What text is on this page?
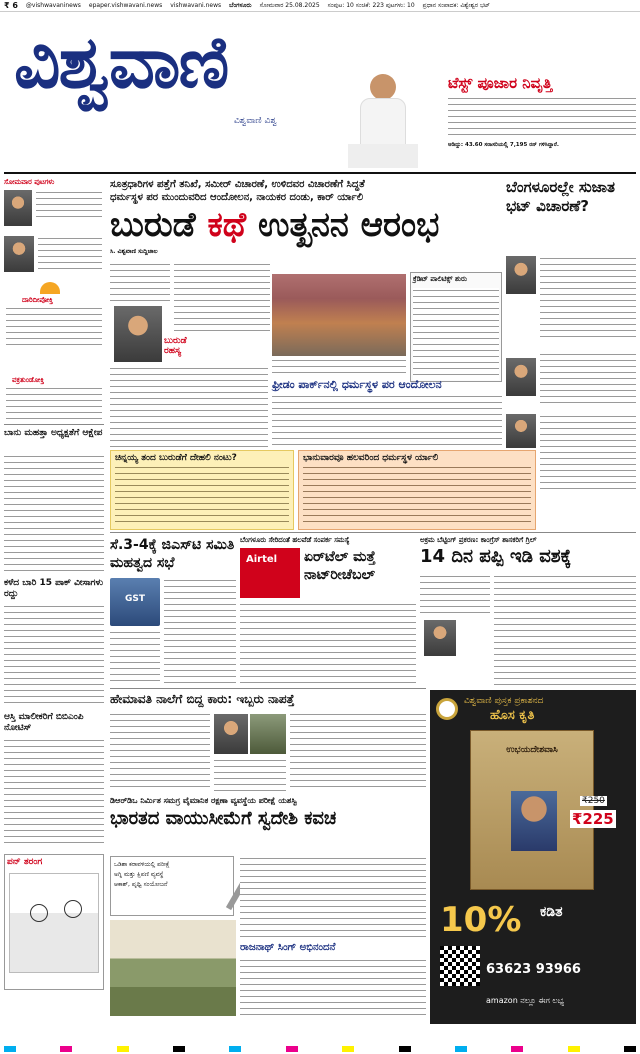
₹ 6 @vishwavaninews epaper.vishwavani.news vishwavani.news ಬೆಂಗಳೂರು ಸೋಮವಾರ 25.08.2025 ಸಂಪುಟ: 10 ಸಂಚಿಕೆ: 223 ಪುಟಗಳು: 10 ಪ್ರಧಾನ ಸಂಪಾದಕ: ವಿಶ್ವೇಶ್ವರ ಭಟ್
ವಿಶ್ವವಾಣಿ
ವಿಶ್ವವಾಣಿ ವಿಶ್ವ
ಟೆಸ್ಟ್ ಪೂಜಾರ ನಿವೃತ್ತಿ
ಆಡಿದ್ದು: 43.60 ಸರಾಸರಿಯಲ್ಲಿ 7,195 ರನ್ ಗಳಿಸಿದ್ದಾರೆ.
ಸೋಮವಾರ ಪುಟಗಳು
ದಾರಿದೀಪೋಕ್ತಿ
ವಕ್ರತುಂಡೋಕ್ತಿ
ಬಾನು ಮಹತ್ತಾ ಅಧ್ಯಕ್ಷತೆಗೆ ಆಕ್ಷೇಪ
ಕಳೆದ ಬಾರಿ 15 ಪಾಕ್ ವೀಸಾಗಳು ರದ್ದು
ಆಸ್ತಿ ಮಾಲೀಕರಿಗೆ ಬಿಬಿಎಂಪಿ ನೋಟಿಸ್
ಪನ್ ತರಂಗ
ಸೂತ್ರಧಾರಿಗಳ ಪತ್ತೆಗೆ ತನಿಖೆ, ಸಮೀರ್ ವಿಚಾರಣೆ, ಉಳಿದವರ ವಿಚಾರಣೆಗೆ ಸಿದ್ಧತೆ
ಧರ್ಮಸ್ಥಳ ಪರ ಮುಂದುವರಿದ ಆಂದೋಲನ, ನಾಯಕರ ದಂಡು, ಕಾರ್ ರ್ಯಾಲಿ
ಬುರುಡೆ ಕಥೆ ಉತ್ಖನನ ಆರಂಭ
ಸಿ. ವಿಶ್ವವಾಣಿ ಸುದ್ದಿಜಾಲ
ಬುರುಡೆ ರಹಸ್ಯ
ಕ್ರೆಡಿಟ್ ಪಾಲಿಟಿಕ್ಸ್ ಶುರು
ಫ್ರೀಡಂ ಪಾರ್ಕ್‌ನಲ್ಲಿ ಧರ್ಮಸ್ಥಳ ಪರ ಆಂದೋಲನ
ಬೆಂಗಳೂರಲ್ಲೇ ಸುಜಾತ ಭಟ್ ವಿಚಾರಣೆ?
ಚಿನ್ನಯ್ಯ ತಂದ ಬುರುಡೆಗೆ ದೇಹಲಿ ನಂಟು?	ಭಾನುವಾರವೂ ಹಲವರಿಂದ ಧರ್ಮಸ್ಥಳ ರ್ಯಾಲಿ
ಸೆ.3-4ಕ್ಕೆ ಜಿಎಸ್‌ಟಿ ಸಮಿತಿ ಮಹತ್ವದ ಸಭೆ
GST
ಬೆಂಗಳೂರು ಸೇರಿದಂತೆ ಹಲವೆಡೆ ಸಂಪರ್ಕ ಸಮಸ್ಯೆ
Airtel	ಏರ್‌ಟೆಲ್ ಮತ್ತೆ ನಾಟ್‌ರೀಚೆಬಲ್
ಅಕ್ರಮ ಬೆಟ್ಟಿಂಗ್ ಪ್ರಕರಣ: ಕಾಂಗ್ರೆಸ್ ಶಾಸಕರಿಗೆ ಗ್ರಿಲ್
14 ದಿನ ಪಪ್ಪಿ ಇಡಿ ವಶಕ್ಕೆ
ಹೇಮಾವತಿ ನಾಲೆಗೆ ಬಿದ್ದ ಕಾರು: ಇಬ್ಬರು ನಾಪತ್ತೆ
ಡಿಆರ್‌ಡಿಒ ನಿರ್ಮಿತ ಸಮಗ್ರ ವೈಮಾನಿಕ ರಕ್ಷಣಾ ವ್ಯವಸ್ಥೆಯ ಪರೀಕ್ಷೆ ಯಶಸ್ವಿ
ಭಾರತದ ವಾಯುಸೀಮೆಗೆ ಸ್ವದೇಶಿ ಕವಚ
ಒಡಿಶಾ ಕರಾವಳಿಯಲ್ಲಿ ಪರೀಕ್ಷೆ
ಅಗ್ನಿ ಮತ್ತು ಕ್ಷಿಪಣಿ ವ್ಯವಸ್ಥೆ
ಆಕಾಶ್, ಪೃಥ್ವಿ ಸಂಯೋಜನೆ
ರಾಜನಾಥ್ ಸಿಂಗ್ ಅಭಿನಂದನೆ
ವಿಶ್ವವಾಣಿ ಪುಸ್ತಕ ಪ್ರಕಾಶನದ
ಹೊಸ ಕೃತಿ
ಉಭಯದೇಶವಾಸಿ
₹250
₹225
10% ಕಡಿತ
63623 93966
amazon ನಲ್ಲೂ ಈಗ ಲಭ್ಯ
